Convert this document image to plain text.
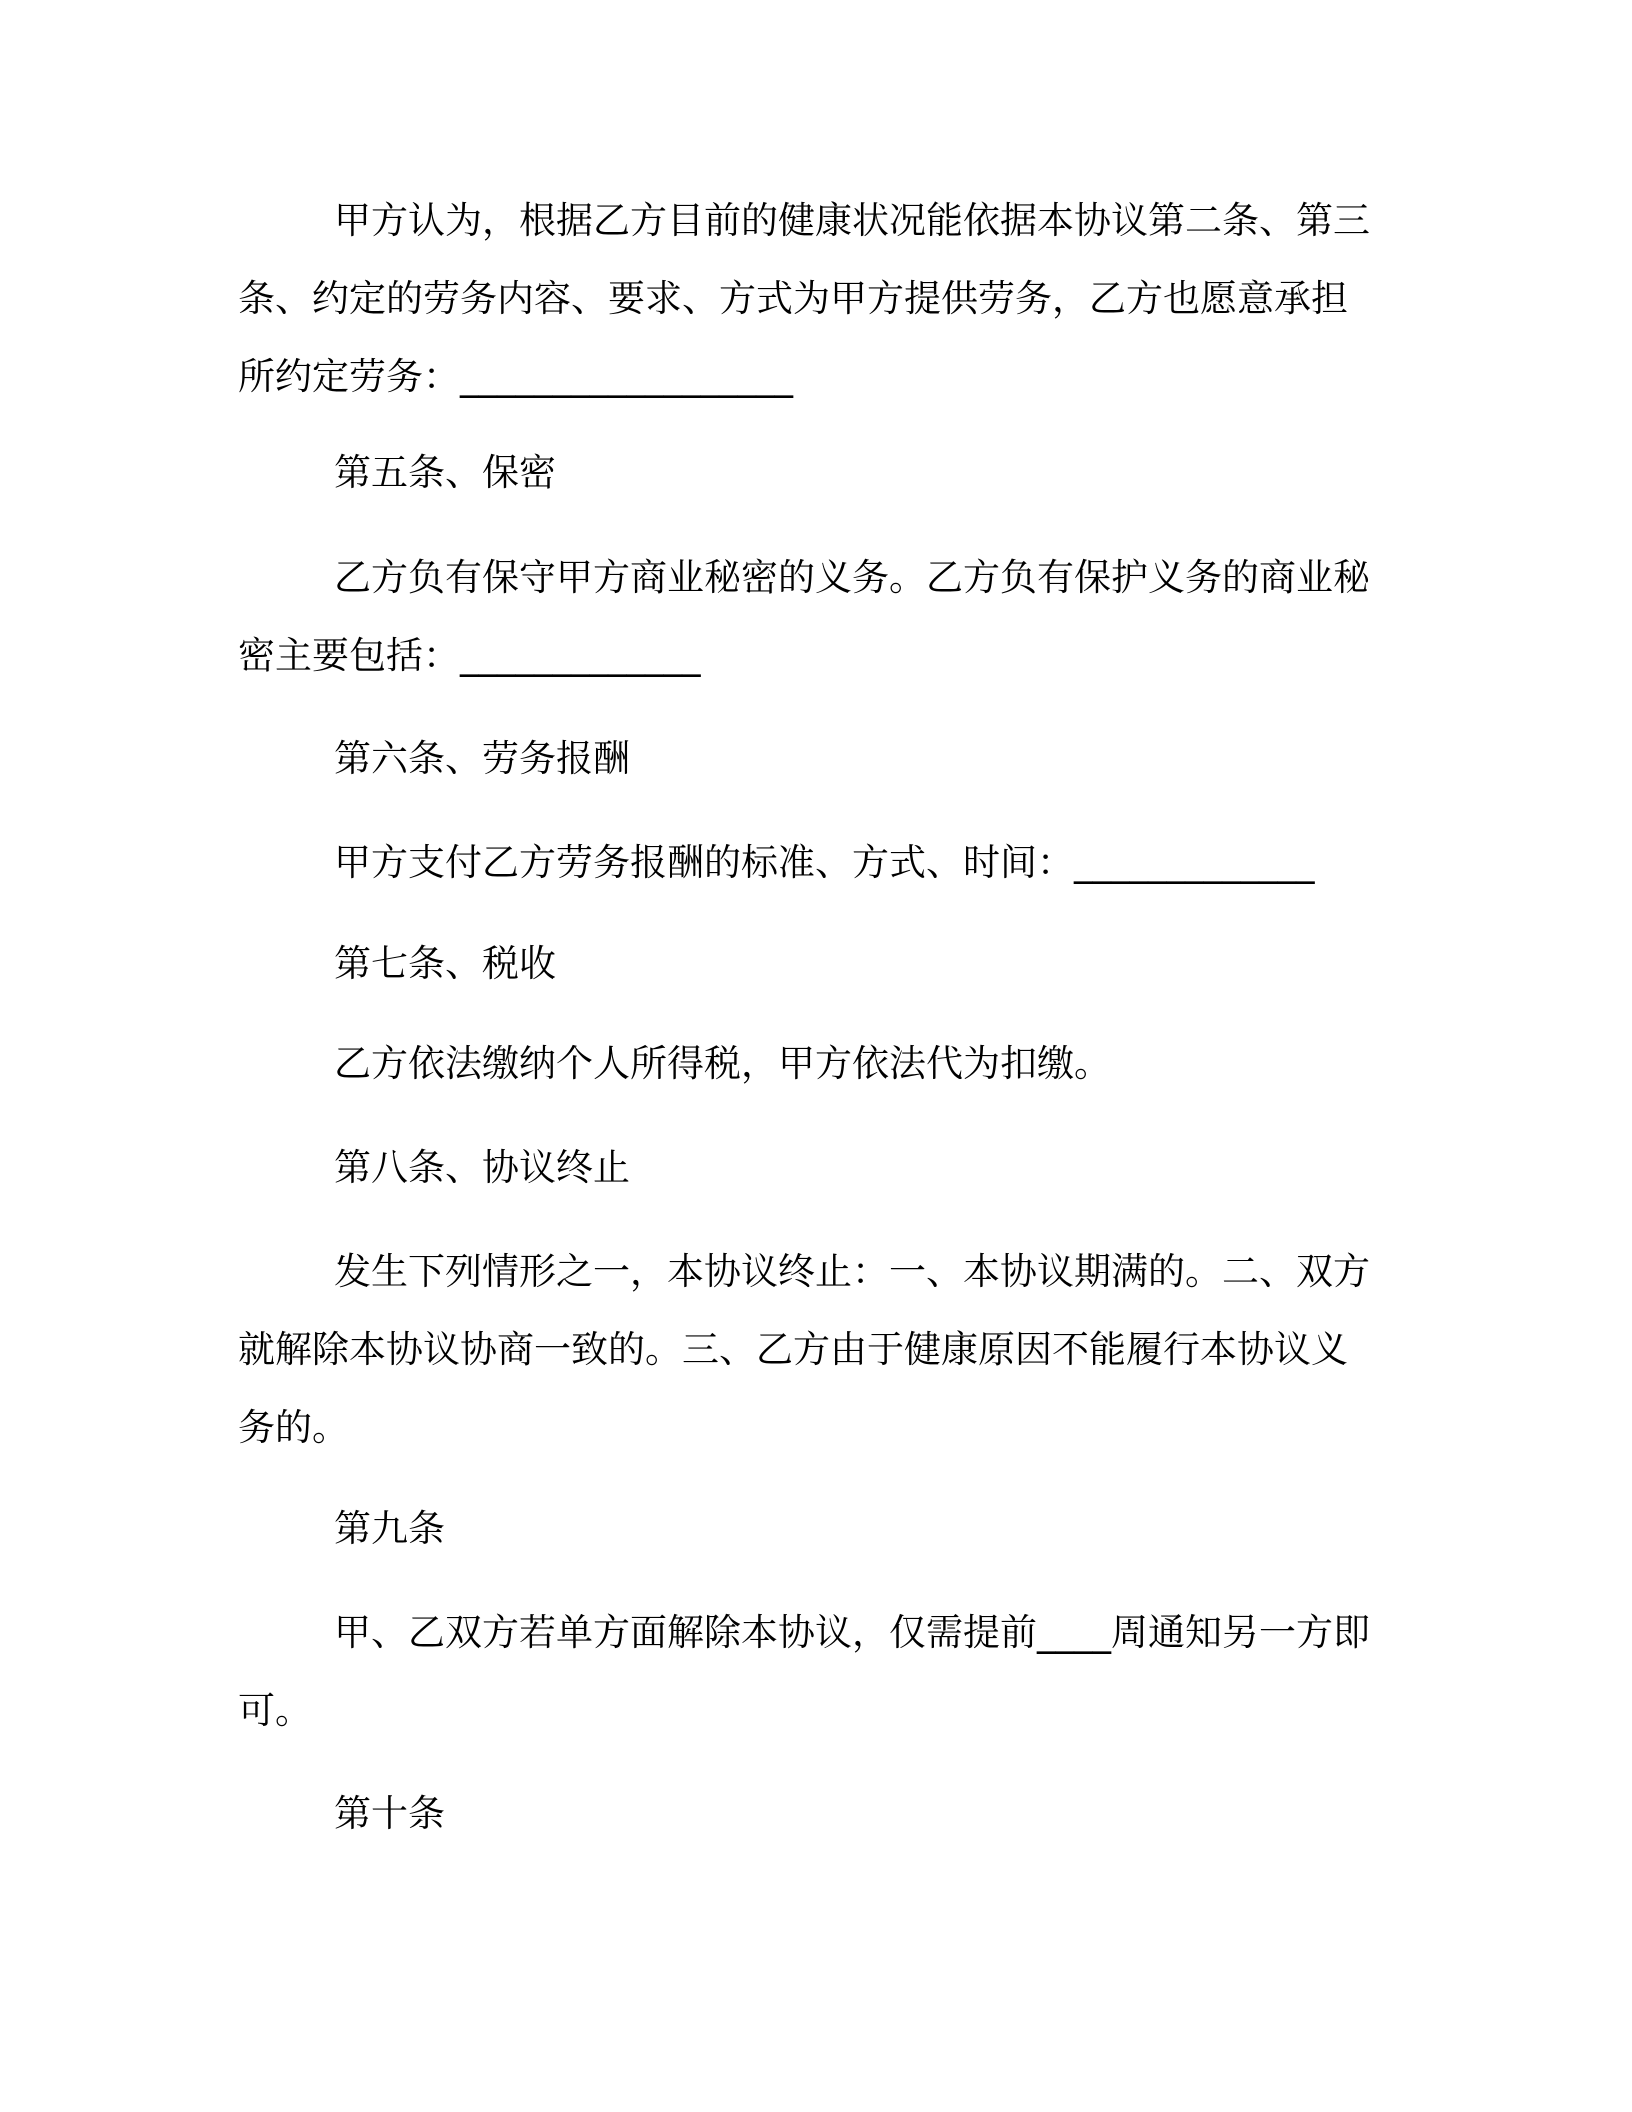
甲方认为，根据乙方目前的健康状况能依据本协议第二条、第三条、约定的劳务内容、要求、方式为甲方提供劳务，乙方也愿意承担所约定劳务：__________________

第五条、保密

乙方负有保守甲方商业秘密的义务。乙方负有保护义务的商业秘密主要包括：_____________

第六条、劳务报酬

甲方支付乙方劳务报酬的标准、方式、时间：_____________

第七条、税收

乙方依法缴纳个人所得税，甲方依法代为扣缴。

第八条、协议终止

发生下列情形之一，本协议终止：一、本协议期满的。二、双方就解除本协议协商一致的。三、乙方由于健康原因不能履行本协议义务的。

第九条

甲、乙双方若单方面解除本协议，仅需提前____周通知另一方即可。

第十条
